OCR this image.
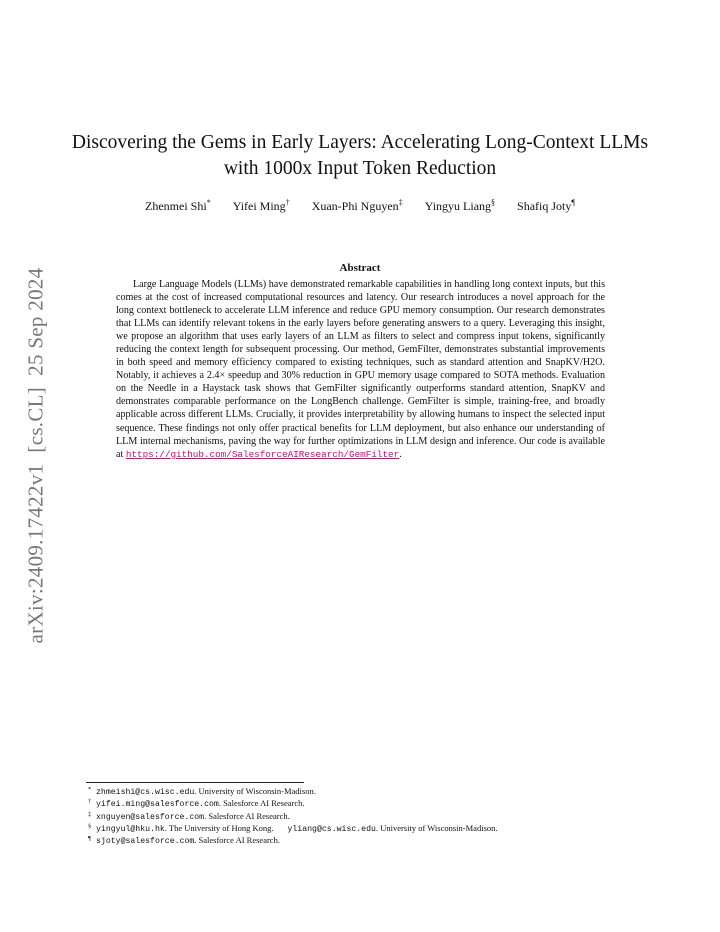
arXiv:2409.17422v1  [cs.CL]  25 Sep 2024
Discovering the Gems in Early Layers: Accelerating Long-Context LLMs with 1000x Input Token Reduction
Zhenmei Shi* Yifei Ming† Xuan-Phi Nguyen‡ Yingyu Liang§ Shafiq Joty¶
Abstract

Large Language Models (LLMs) have demonstrated remarkable capabilities in handling long context inputs, but this comes at the cost of increased computational resources and latency. Our research introduces a novel approach for the long context bottleneck to accelerate LLM inference and reduce GPU memory consumption. Our research demonstrates that LLMs can identify relevant tokens in the early layers before generating answers to a query. Leveraging this insight, we propose an algorithm that uses early layers of an LLM as filters to select and compress input tokens, significantly reducing the context length for subsequent processing. Our method, GemFilter, demonstrates substantial improvements in both speed and memory efficiency compared to existing techniques, such as standard attention and SnapKV/H2O. Notably, it achieves a 2.4× speedup and 30% reduction in GPU memory usage compared to SOTA methods. Evaluation on the Needle in a Haystack task shows that GemFilter significantly outperforms standard attention, SnapKV and demonstrates comparable performance on the LongBench challenge. GemFilter is simple, training-free, and broadly applicable across different LLMs. Crucially, it provides interpretability by allowing humans to inspect the selected input sequence. These findings not only offer practical benefits for LLM deployment, but also enhance our understanding of LLM internal mechanisms, paving the way for further optimizations in LLM design and inference. Our code is available at https://github.com/SalesforceAIResearch/GemFilter.

* zhmeishi@cs.wisc.edu. University of Wisconsin-Madison.
† yifei.ming@salesforce.com. Salesforce AI Research.
‡ xnguyen@salesforce.com. Salesforce AI Research.
§ yingyul@hku.hk. The University of Hong Kong. yliang@cs.wisc.edu. University of Wisconsin-Madison.
¶ sjoty@salesforce.com. Salesforce AI Research.
